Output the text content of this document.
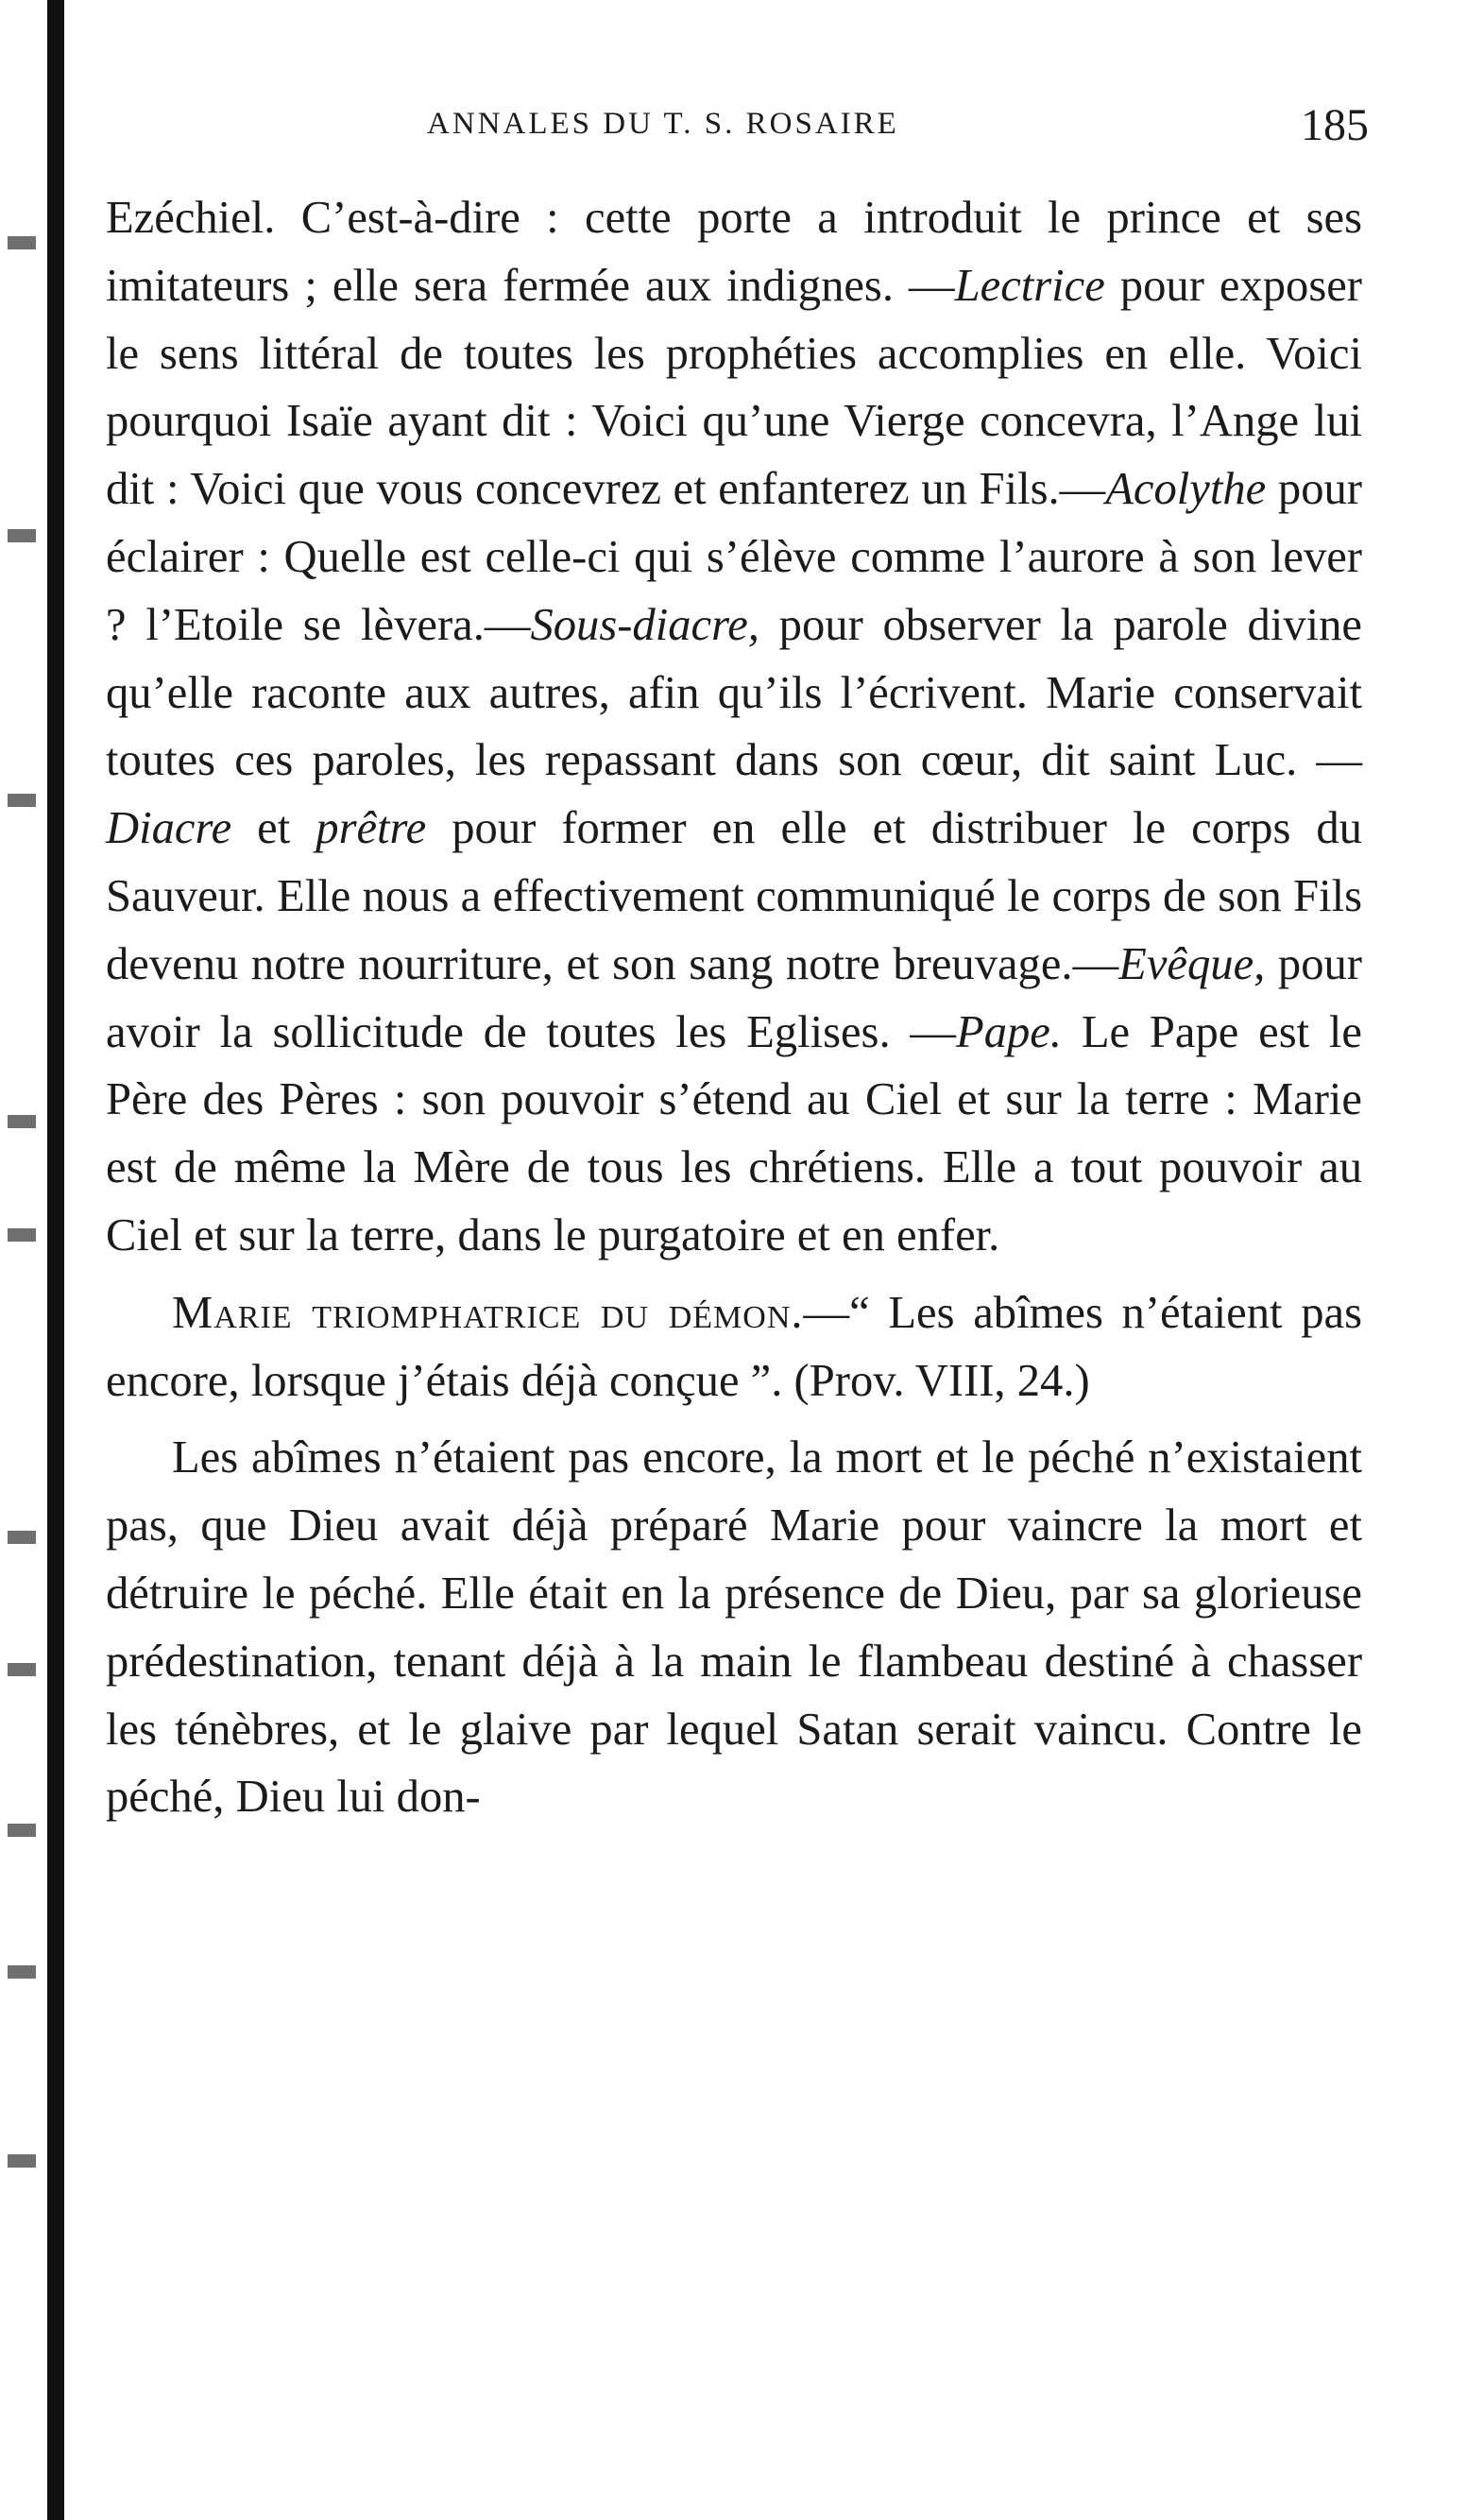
ANNALES DU T. S. ROSAIRE	185

Ezéchiel. C’est-à-dire : cette porte a introduit le prince et ses imitateurs ; elle sera fermée aux indignes. —Lectrice pour exposer le sens littéral de toutes les prophéties accomplies en elle. Voici pourquoi Isaïe ayant dit : Voici qu’une Vierge concevra, l’Ange lui dit : Voici que vous concevrez et enfanterez un Fils.—Acolythe pour éclairer : Quelle est celle-ci qui s’élève comme l’aurore à son lever ? l’Etoile se lèvera.—Sous-diacre, pour observer la parole divine qu’elle raconte aux autres, afin qu’ils l’écrivent. Marie conservait toutes ces paroles, les repassant dans son cœur, dit saint Luc. —Diacre et prêtre pour former en elle et distribuer le corps du Sauveur. Elle nous a effectivement communiqué le corps de son Fils devenu notre nourriture, et son sang notre breuvage.—Evêque, pour avoir la sollicitude de toutes les Eglises. —Pape. Le Pape est le Père des Pères : son pouvoir s’étend au Ciel et sur la terre : Marie est de même la Mère de tous les chrétiens. Elle a tout pouvoir au Ciel et sur la terre, dans le purgatoire et en enfer.

Marie triomphatrice du démon.—“ Les abîmes n’étaient pas encore, lorsque j’étais déjà conçue ”. (Prov. VIII, 24.)

Les abîmes n’étaient pas encore, la mort et le péché n’existaient pas, que Dieu avait déjà préparé Marie pour vaincre la mort et détruire le péché. Elle était en la présence de Dieu, par sa glorieuse prédestination, tenant déjà à la main le flambeau destiné à chasser les ténèbres, et le glaive par lequel Satan serait vaincu. Contre le péché, Dieu lui don-
